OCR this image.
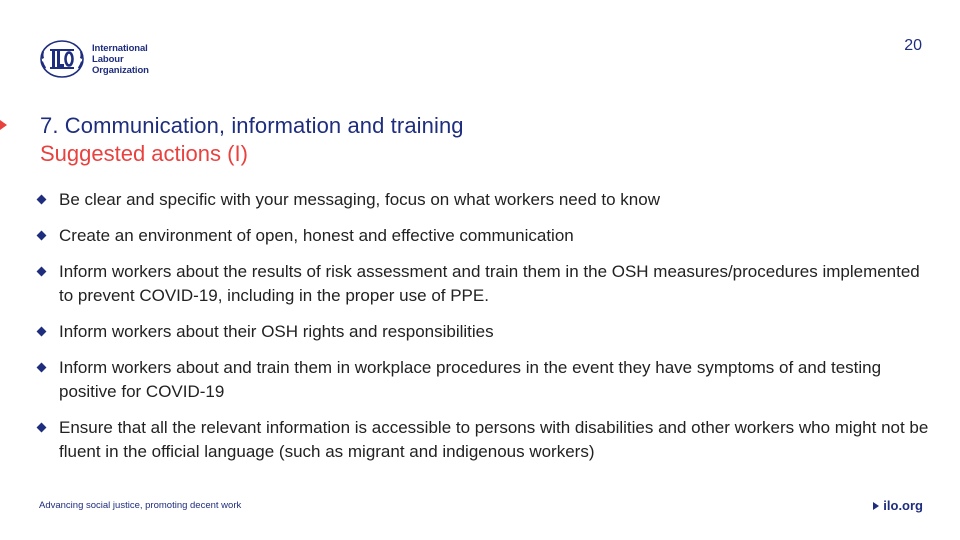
International
Labour
Organization
20
7. Communication, information and training
Suggested actions (I)
Be clear and specific with your messaging, focus on what workers need to know
Create an environment of open, honest and effective communication
Inform workers about the results of risk assessment and train them in the OSH measures/procedures implemented to prevent COVID-19, including in the proper use of PPE.
Inform workers about their OSH rights and responsibilities
Inform workers about and train them in workplace procedures in the event they have symptoms of and testing positive for COVID-19
Ensure that all the relevant information is accessible to persons with disabilities and other workers who might not be fluent in the official language (such as migrant and indigenous workers)
Advancing social justice, promoting decent work	ilo.org
